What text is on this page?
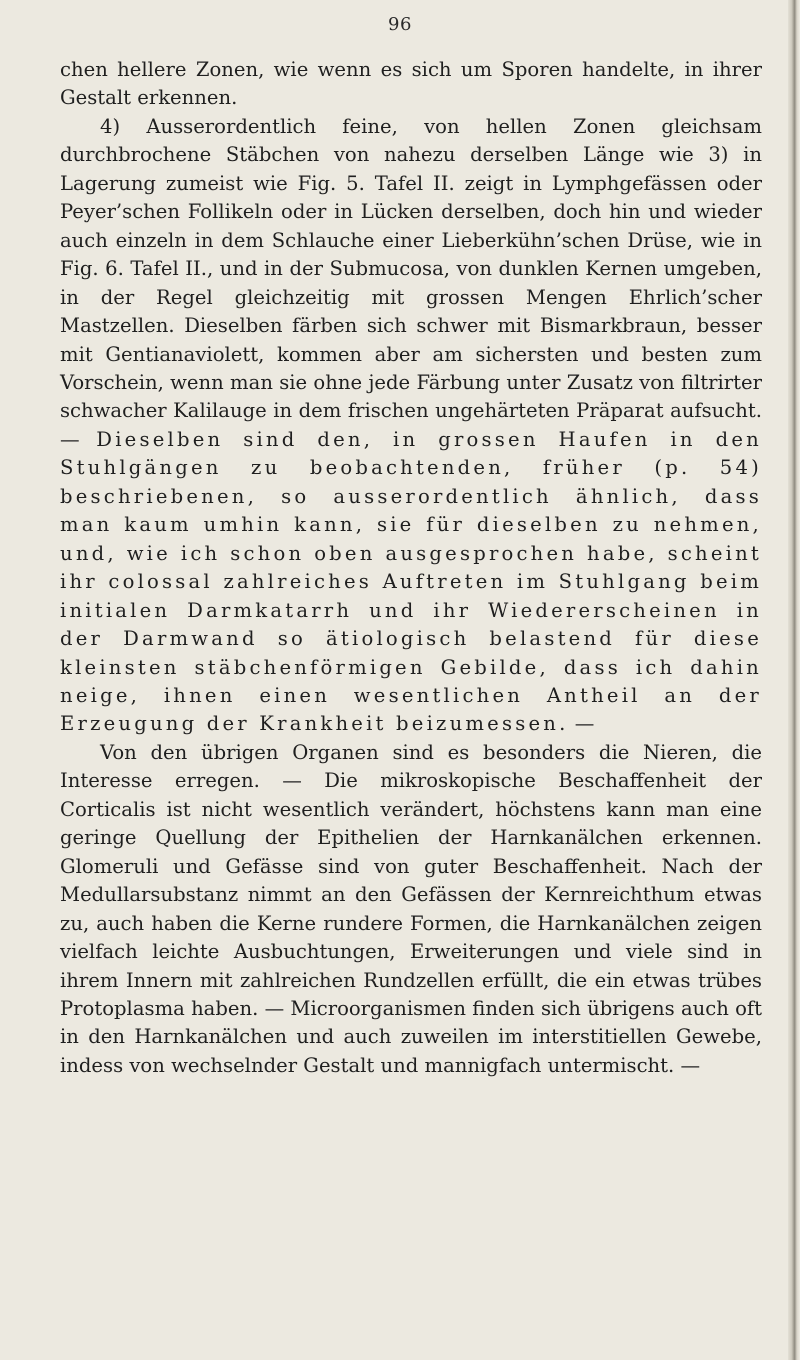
96

chen hellere Zonen, wie wenn es sich um Sporen handelte, in ihrer Gestalt erkennen.

4) Ausserordentlich feine, von hellen Zonen gleichsam durchbrochene Stäbchen von nahezu derselben Länge wie 3) in Lagerung zumeist wie Fig. 5. Tafel II. zeigt in Lymphgefässen oder Peyer’schen Follikeln oder in Lücken derselben, doch hin und wieder auch einzeln in dem Schlauche einer Lieberkühn’schen Drüse, wie in Fig. 6. Tafel II., und in der Submucosa, von dunklen Kernen umgeben, in der Regel gleichzeitig mit grossen Mengen Ehrlich’scher Mastzellen. Dieselben färben sich schwer mit Bismarkbraun, besser mit Gentianaviolett, kommen aber am sichersten und besten zum Vorschein, wenn man sie ohne jede Färbung unter Zusatz von filtrirter schwacher Kalilauge in dem frischen ungehärteten Präparat aufsucht. — Dieselben sind den, in grossen Haufen in den Stuhlgängen zu beobachtenden, früher (p. 54) beschriebenen, so ausserordentlich ähnlich, dass man kaum umhin kann, sie für dieselben zu nehmen, und, wie ich schon oben ausgesprochen habe, scheint ihr colossal zahlreiches Auftreten im Stuhlgang beim initialen Darmkatarrh und ihr Wiedererscheinen in der Darmwand so ätiologisch belastend für diese kleinsten stäbchenförmigen Gebilde, dass ich dahin neige, ihnen einen wesentlichen Antheil an der Erzeugung der Krankheit beizumessen. —

Von den übrigen Organen sind es besonders die Nieren, die Interesse erregen. — Die mikroskopische Beschaffenheit der Corticalis ist nicht wesentlich verändert, höchstens kann man eine geringe Quellung der Epithelien der Harnkanälchen erkennen. Glomeruli und Gefässe sind von guter Beschaffenheit. Nach der Medullarsubstanz nimmt an den Gefässen der Kernreichthum etwas zu, auch haben die Kerne rundere Formen, die Harnkanälchen zeigen vielfach leichte Ausbuchtungen, Erweiterungen und viele sind in ihrem Innern mit zahlreichen Rundzellen erfüllt, die ein etwas trübes Protoplasma haben. — Microorganismen finden sich übrigens auch oft in den Harnkanälchen und auch zuweilen im interstitiellen Gewebe, indess von wechselnder Gestalt und mannigfach untermischt. —
